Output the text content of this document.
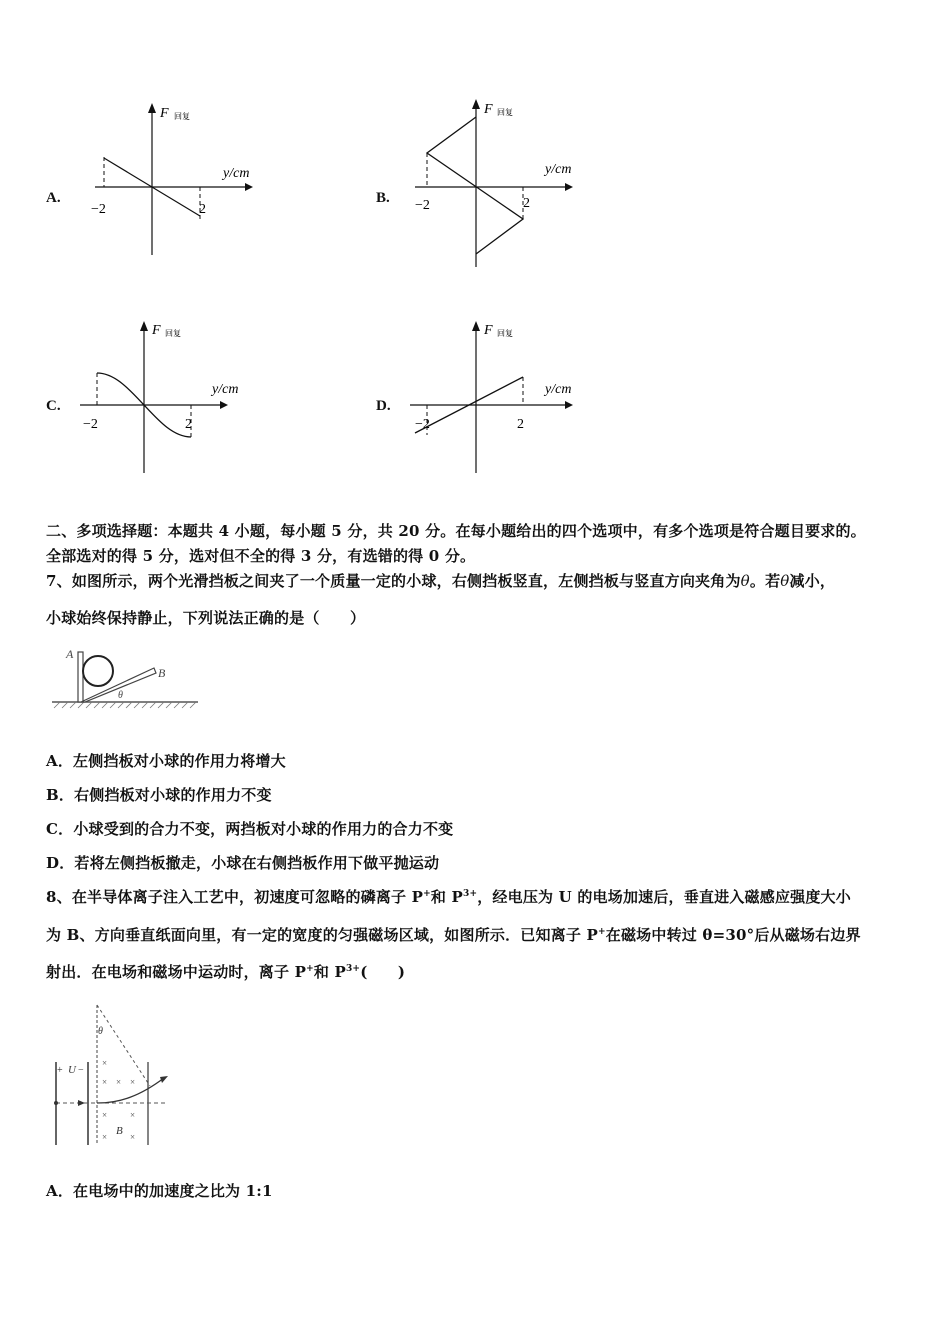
A.
F 回复
y/cm
−2	2
B.
F 回复
y/cm
−2	2
C.
F 回复
y/cm
−2	2
D.
F 回复
y/cm
−2	2
二、多项选择题：本题共 4 小题，每小题 5 分，共 20 分。在每小题给出的四个选项中，有多个选项是符合题目要求的。
全部选对的得 5 分，选对但不全的得 3 分，有选错的得 0 分。
7、如图所示，两个光滑挡板之间夹了一个质量一定的小球，右侧挡板竖直，左侧挡板与竖直方向夹角为θ。若θ减小，
小球始终保持静止，下列说法正确的是（　　）
A
B
θ
A．左侧挡板对小球的作用力将增大
B．右侧挡板对小球的作用力不变
C．小球受到的合力不变，两挡板对小球的作用力的合力不变
D．若将左侧挡板撤走，小球在右侧挡板作用下做平抛运动
8、在半导体离子注入工艺中，初速度可忽略的磷离子 P+和 $P^{3+}$，经电压为 U 的电场加速后，垂直进入磁感应强度大小
为 B、方向垂直纸面向里，有一定的宽度的匀强磁场区域，如图所示．已知离子 P+在磁场中转过 θ=30°后从磁场右边界
射出．在电场和磁场中运动时，离子 P+和 $P^{3+}$(　　)
+ U −
θ
B
×
× ×
×	×
×	×
×
A．在电场中的加速度之比为 1:1
